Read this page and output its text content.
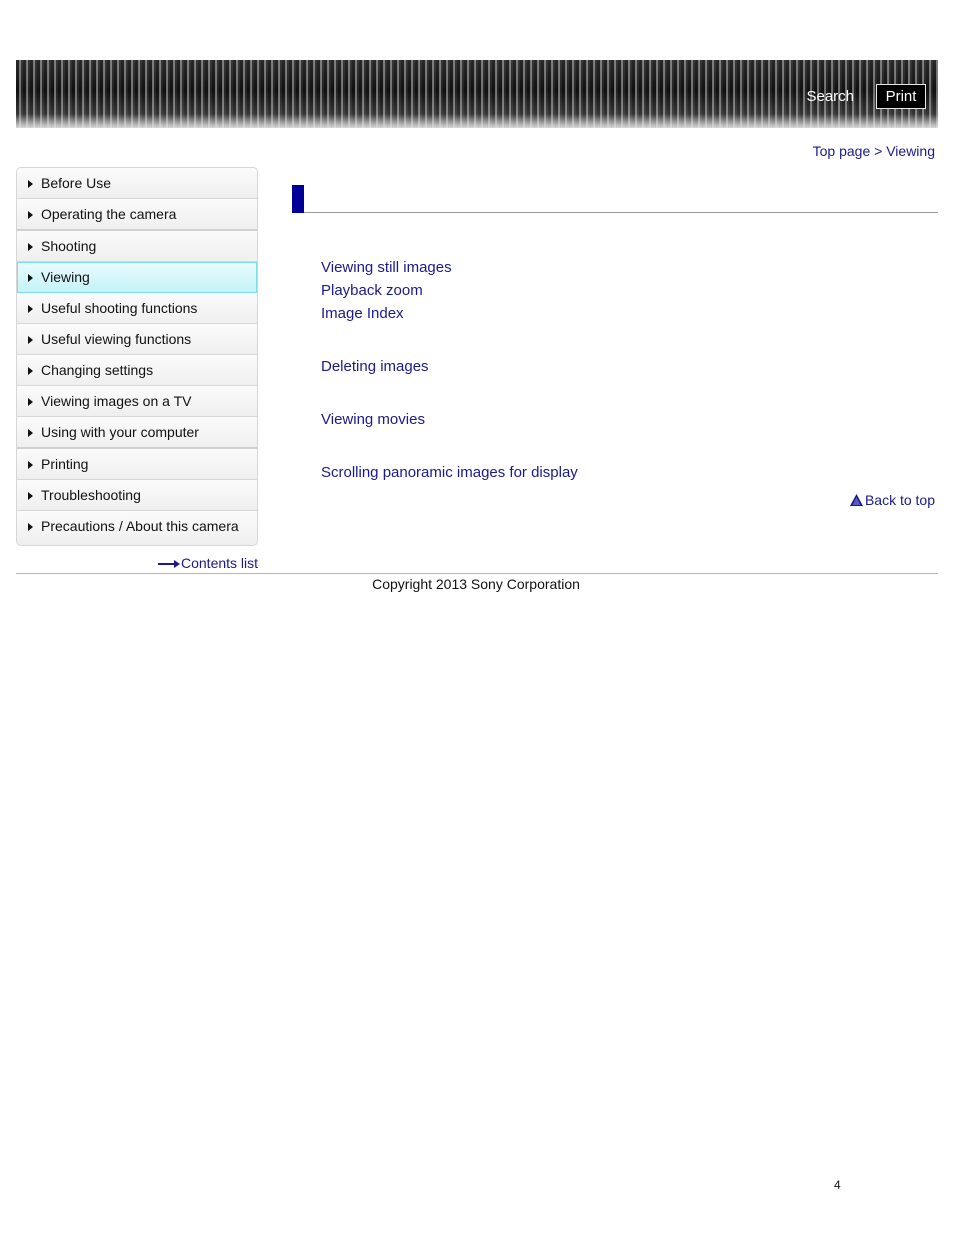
Search	Print
Top page > Viewing
Before Use
Operating the camera
Shooting
Viewing
Useful shooting functions
Useful viewing functions
Changing settings
Viewing images on a TV
Using with your computer
Printing
Troubleshooting
Precautions / About this camera
Contents list
Viewing still images
Playback zoom
Image Index
Deleting images
Viewing movies
Scrolling panoramic images for display
Back to top
Copyright 2013 Sony Corporation
4
